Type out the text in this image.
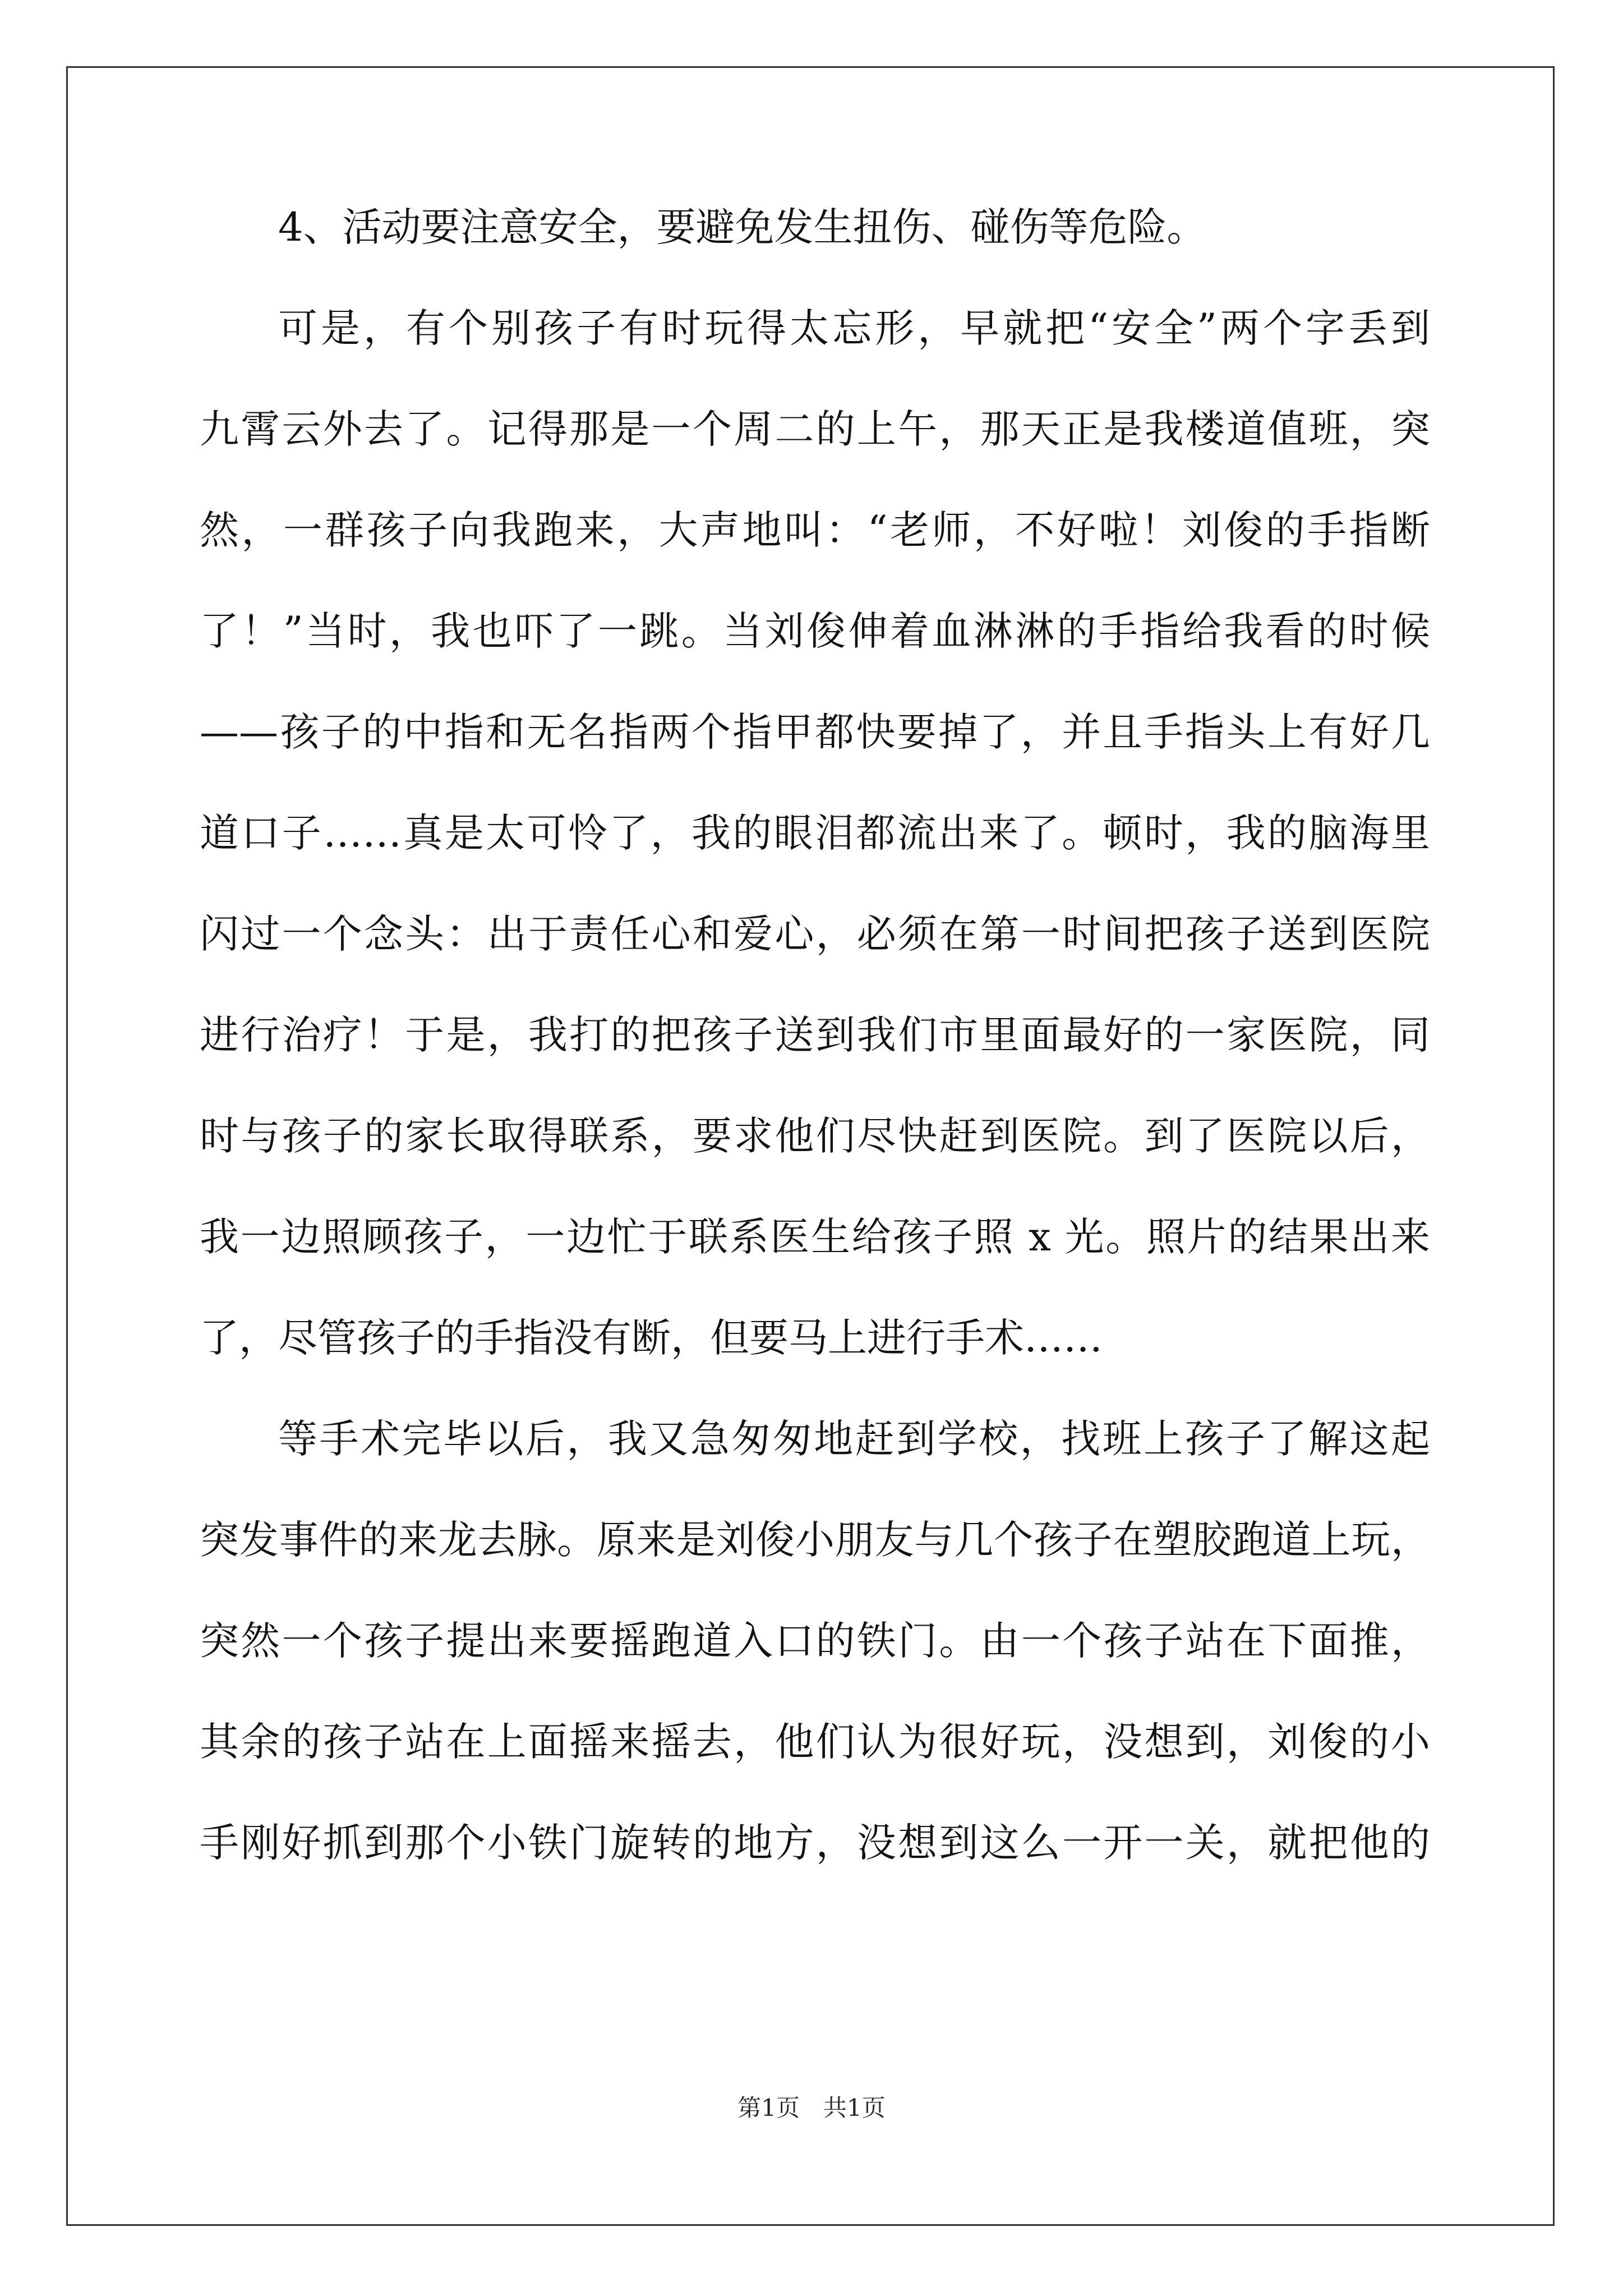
4、活动要注意安全，要避免发生扭伤、碰伤等危险。
可是，有个别孩子有时玩得太忘形，早就把“安全”两个字丢到
九霄云外去了。记得那是一个周二的上午，那天正是我楼道值班，突
然，一群孩子向我跑来，大声地叫：“老师，不好啦！刘俊的手指断
了！”当时，我也吓了一跳。当刘俊伸着血淋淋的手指给我看的时候
——孩子的中指和无名指两个指甲都快要掉了，并且手指头上有好几
道口子……真是太可怜了，我的眼泪都流出来了。顿时，我的脑海里
闪过一个念头：出于责任心和爱心，必须在第一时间把孩子送到医院
进行治疗！于是，我打的把孩子送到我们市里面最好的一家医院，同
时与孩子的家长取得联系，要求他们尽快赶到医院。到了医院以后，
我一边照顾孩子，一边忙于联系医生给孩子照 x 光。照片的结果出来
了，尽管孩子的手指没有断，但要马上进行手术……
等手术完毕以后，我又急匆匆地赶到学校，找班上孩子了解这起
突发事件的来龙去脉。原来是刘俊小朋友与几个孩子在塑胶跑道上玩，
突然一个孩子提出来要摇跑道入口的铁门。由一个孩子站在下面推，
其余的孩子站在上面摇来摇去，他们认为很好玩，没想到，刘俊的小
手刚好抓到那个小铁门旋转的地方，没想到这么一开一关，就把他的
第1页　共1页
